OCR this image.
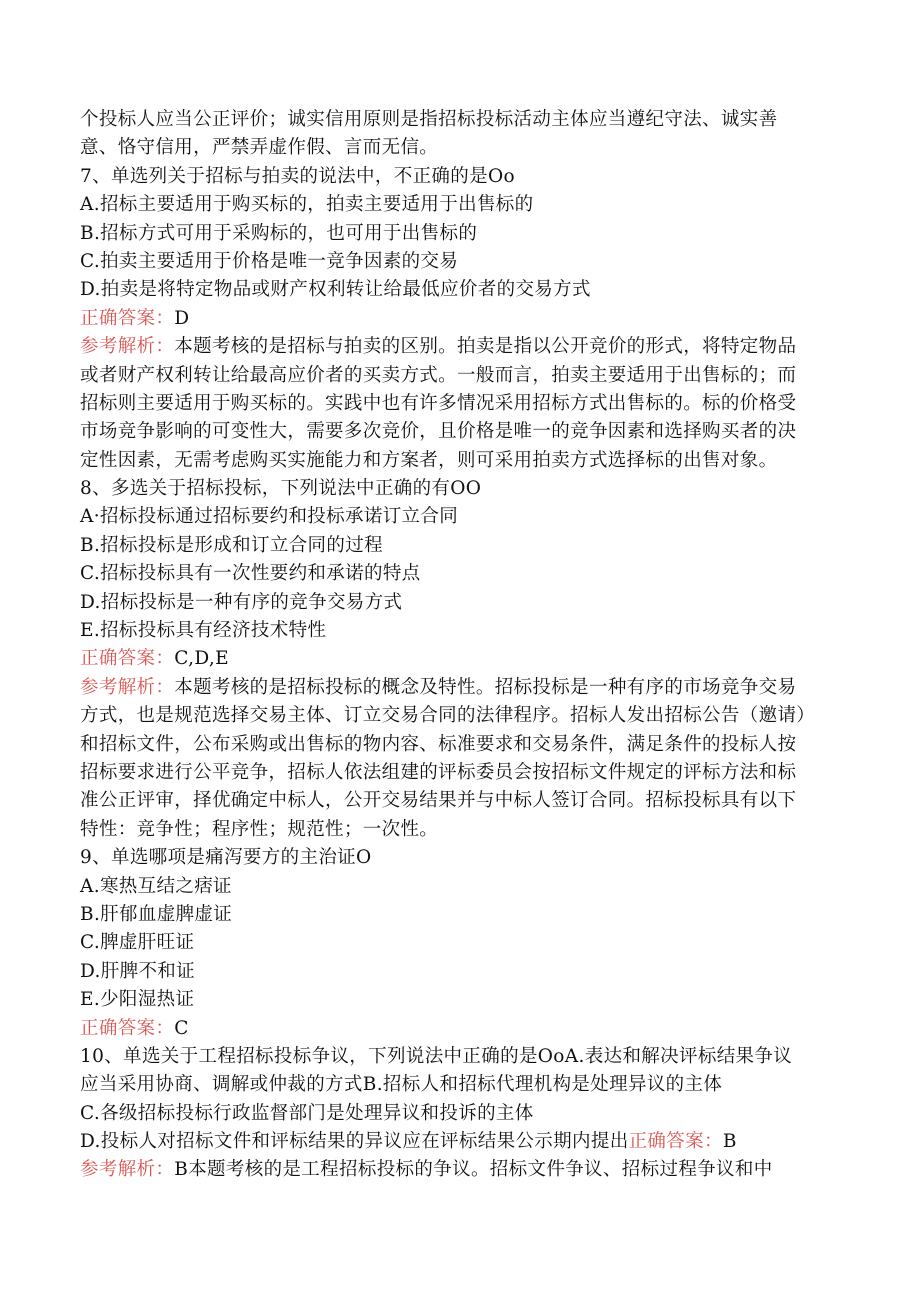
个投标人应当公正评价；诚实信用原则是指招标投标活动主体应当遵纪守法、诚实善
意、恪守信用，严禁弄虚作假、言而无信。
7、单选列关于招标与拍卖的说法中，不正确的是Oo
A.招标主要适用于购买标的，拍卖主要适用于出售标的
B.招标方式可用于采购标的，也可用于出售标的
C.拍卖主要适用于价格是唯一竞争因素的交易
D.拍卖是将特定物品或财产权利转让给最低应价者的交易方式
正确答案：D
参考解析：本题考核的是招标与拍卖的区别。拍卖是指以公开竞价的形式，将特定物品
或者财产权利转让给最高应价者的买卖方式。一般而言，拍卖主要适用于出售标的；而
招标则主要适用于购买标的。实践中也有许多情况采用招标方式出售标的。标的价格受
市场竞争影响的可变性大，需要多次竞价，且价格是唯一的竞争因素和选择购买者的决
定性因素，无需考虑购买实施能力和方案者，则可采用拍卖方式选择标的出售对象。
8、多选关于招标投标，下列说法中正确的有OO
A·招标投标通过招标要约和投标承诺订立合同
B.招标投标是形成和订立合同的过程
C.招标投标具有一次性要约和承诺的特点
D.招标投标是一种有序的竞争交易方式
E.招标投标具有经济技术特性
正确答案：C,D,E
参考解析：本题考核的是招标投标的概念及特性。招标投标是一种有序的市场竞争交易
方式，也是规范选择交易主体、订立交易合同的法律程序。招标人发出招标公告（邀请）
和招标文件，公布采购或出售标的物内容、标准要求和交易条件，满足条件的投标人按
招标要求进行公平竞争，招标人依法组建的评标委员会按招标文件规定的评标方法和标
准公正评审，择优确定中标人，公开交易结果并与中标人签订合同。招标投标具有以下
特性：竞争性；程序性；规范性；一次性。
9、单选哪项是痛泻要方的主治证O
A.寒热互结之痞证
B.肝郁血虚脾虚证
C.脾虚肝旺证
D.肝脾不和证
E.少阳湿热证
正确答案：C
10、单选关于工程招标投标争议，下列说法中正确的是OoA.表达和解决评标结果争议
应当采用协商、调解或仲裁的方式B.招标人和招标代理机构是处理异议的主体
C.各级招标投标行政监督部门是处理异议和投诉的主体
D.投标人对招标文件和评标结果的异议应在评标结果公示期内提出正确答案：B
参考解析：B本题考核的是工程招标投标的争议。招标文件争议、招标过程争议和中
